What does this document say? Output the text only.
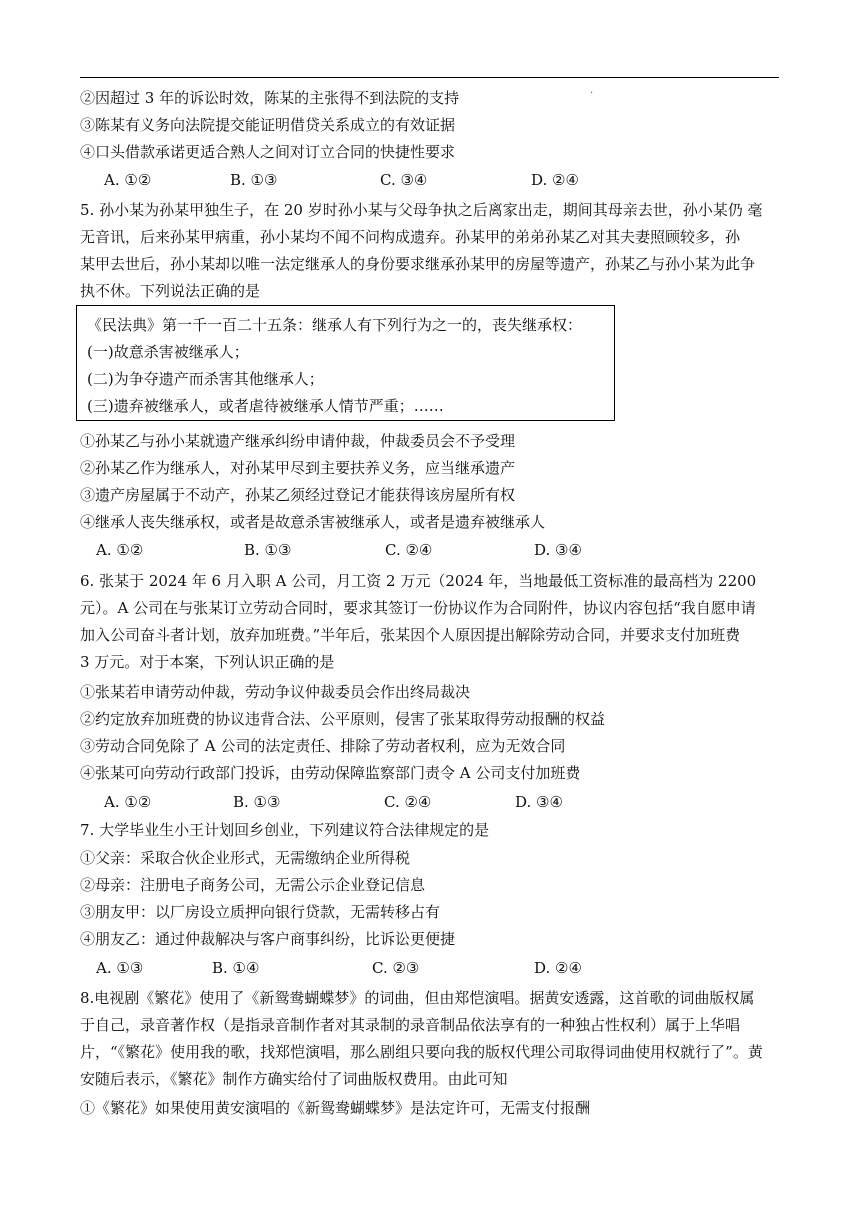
·
②因超过 3 年的诉讼时效，陈某的主张得不到法院的支持
③陈某有义务向法院提交能证明借贷关系成立的有效证据
④口头借款承诺更适合熟人之间对订立合同的快捷性要求
A. ①②	B. ①③	C. ③④	D. ②④
5. 孙小某为孙某甲独生子，在 20 岁时孙小某与父母争执之后离家出走，期间其母亲去世，孙小某仍 毫
无音讯，后来孙某甲病重，孙小某均不闻不问构成遗弃。孙某甲的弟弟孙某乙对其夫妻照顾较多，孙
某甲去世后，孙小某却以唯一法定继承人的身份要求继承孙某甲的房屋等遗产，孙某乙与孙小某为此争
执不休。下列说法正确的是
《民法典》第一千一百二十五条：继承人有下列行为之一的，丧失继承权：
(一)故意杀害被继承人；
(二)为争夺遗产而杀害其他继承人；
(三)遗弃被继承人，或者虐待被继承人情节严重；……
①孙某乙与孙小某就遗产继承纠纷申请仲裁，仲裁委员会不予受理
②孙某乙作为继承人，对孙某甲尽到主要扶养义务，应当继承遗产
③遗产房屋属于不动产，孙某乙须经过登记才能获得该房屋所有权
④继承人丧失继承权，或者是故意杀害被继承人，或者是遗弃被继承人
A. ①②	B. ①③	C. ②④	D. ③④
6. 张某于 2024 年 6 月入职 A 公司，月工资 2 万元（2024 年，当地最低工资标准的最高档为 2200
元）。A 公司在与张某订立劳动合同时，要求其签订一份协议作为合同附件，协议内容包括“我自愿申请
加入公司奋斗者计划，放弃加班费。”半年后，张某因个人原因提出解除劳动合同，并要求支付加班费
3 万元。对于本案，下列认识正确的是
①张某若申请劳动仲裁，劳动争议仲裁委员会作出终局裁决
②约定放弃加班费的协议违背合法、公平原则，侵害了张某取得劳动报酬的权益
③劳动合同免除了 A 公司的法定责任、排除了劳动者权利，应为无效合同
④张某可向劳动行政部门投诉，由劳动保障监察部门责令 A 公司支付加班费
A. ①②	B. ①③	C. ②④	D. ③④
7. 大学毕业生小王计划回乡创业，下列建议符合法律规定的是
①父亲：采取合伙企业形式，无需缴纳企业所得税
②母亲：注册电子商务公司，无需公示企业登记信息
③朋友甲：以厂房设立质押向银行贷款，无需转移占有
④朋友乙：通过仲裁解决与客户商事纠纷，比诉讼更便捷
A. ①③	B. ①④	C. ②③	D. ②④
8.电视剧《繁花》使用了《新鸳鸯蝴蝶梦》的词曲，但由郑恺演唱。据黄安透露，这首歌的词曲版权属
于自己，录音著作权（是指录音制作者对其录制的录音制品依法享有的一种独占性权利）属于上华唱
片，“《繁花》使用我的歌，找郑恺演唱，那么剧组只要向我的版权代理公司取得词曲使用权就行了”。黄
安随后表示，《繁花》制作方确实给付了词曲版权费用。由此可知
①《繁花》如果使用黄安演唱的《新鸳鸯蝴蝶梦》是法定许可，无需支付报酬
